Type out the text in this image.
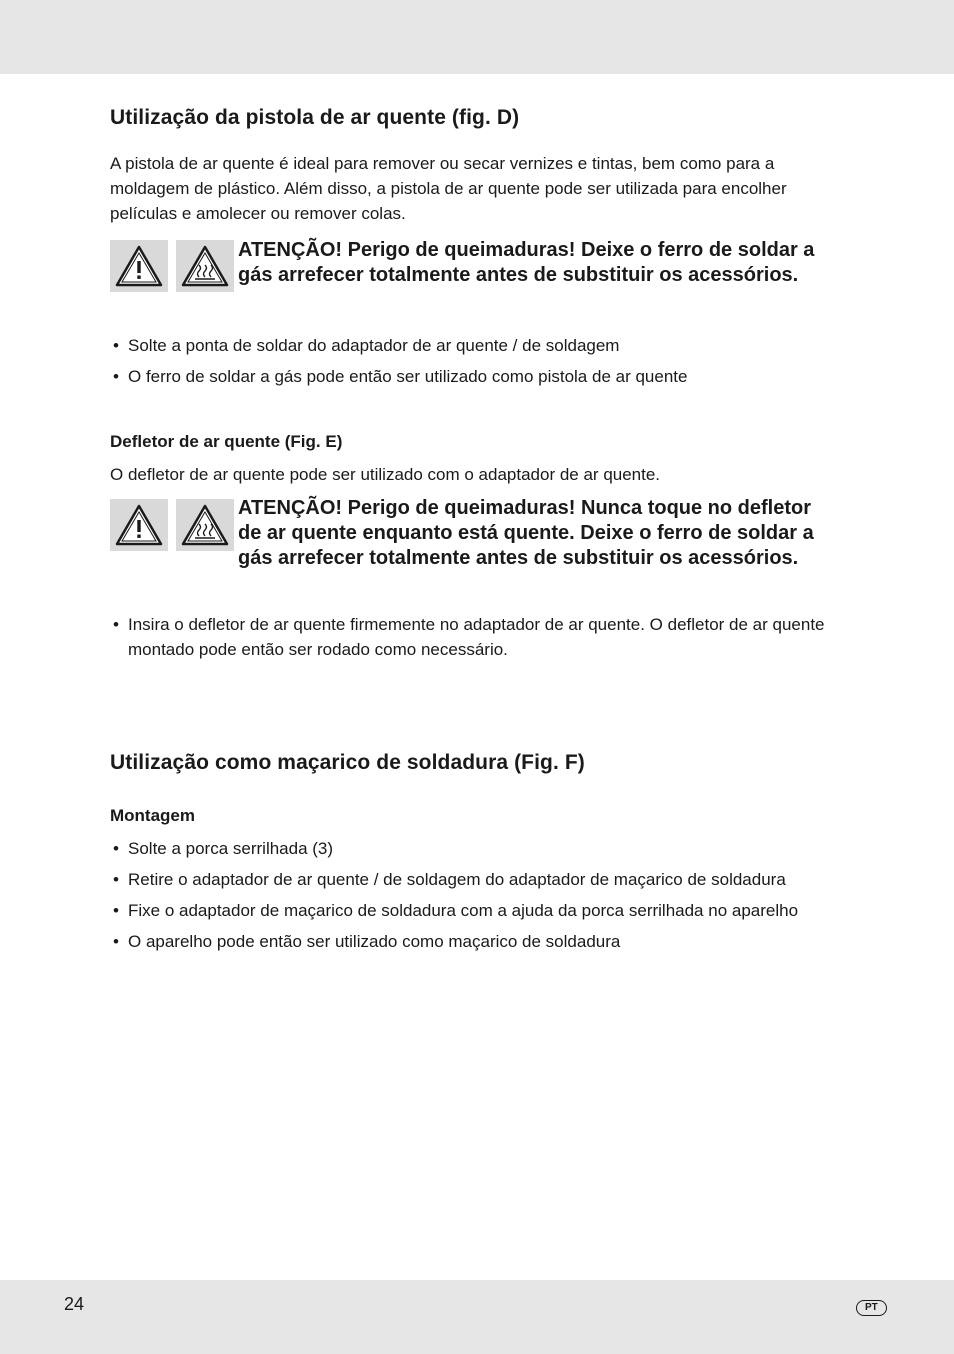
Utilização da pistola de ar quente (fig. D)

A pistola de ar quente é ideal para remover ou secar vernizes e tintas, bem como para a moldagem de plástico. Além disso, a pistola de ar quente pode ser utilizada para encolher películas e amolecer ou remover colas.

ATENÇÃO! Perigo de queimaduras! Deixe o ferro de soldar a gás arrefecer totalmente antes de substituir os acessórios.
• Solte a ponta de soldar do adaptador de ar quente / de soldagem
• O ferro de soldar a gás pode então ser utilizado como pistola de ar quente
Defletor de ar quente (Fig. E)

O defletor de ar quente pode ser utilizado com o adaptador de ar quente.

ATENÇÃO! Perigo de queimaduras! Nunca toque no defletor de ar quente enquanto está quente. Deixe o ferro de soldar a gás arrefecer totalmente antes de substituir os acessórios.
• Insira o defletor de ar quente firmemente no adaptador de ar quente. O defletor de ar quente montado pode então ser rodado como necessário.
Utilização como maçarico de soldadura (Fig. F)
Montagem
• Solte a porca serrilhada (3)
• Retire o adaptador de ar quente / de soldagem do adaptador de maçarico de soldadura
• Fixe o adaptador de maçarico de soldadura com a ajuda da porca serrilhada no aparelho
• O aparelho pode então ser utilizado como maçarico de soldadura
24	PT
